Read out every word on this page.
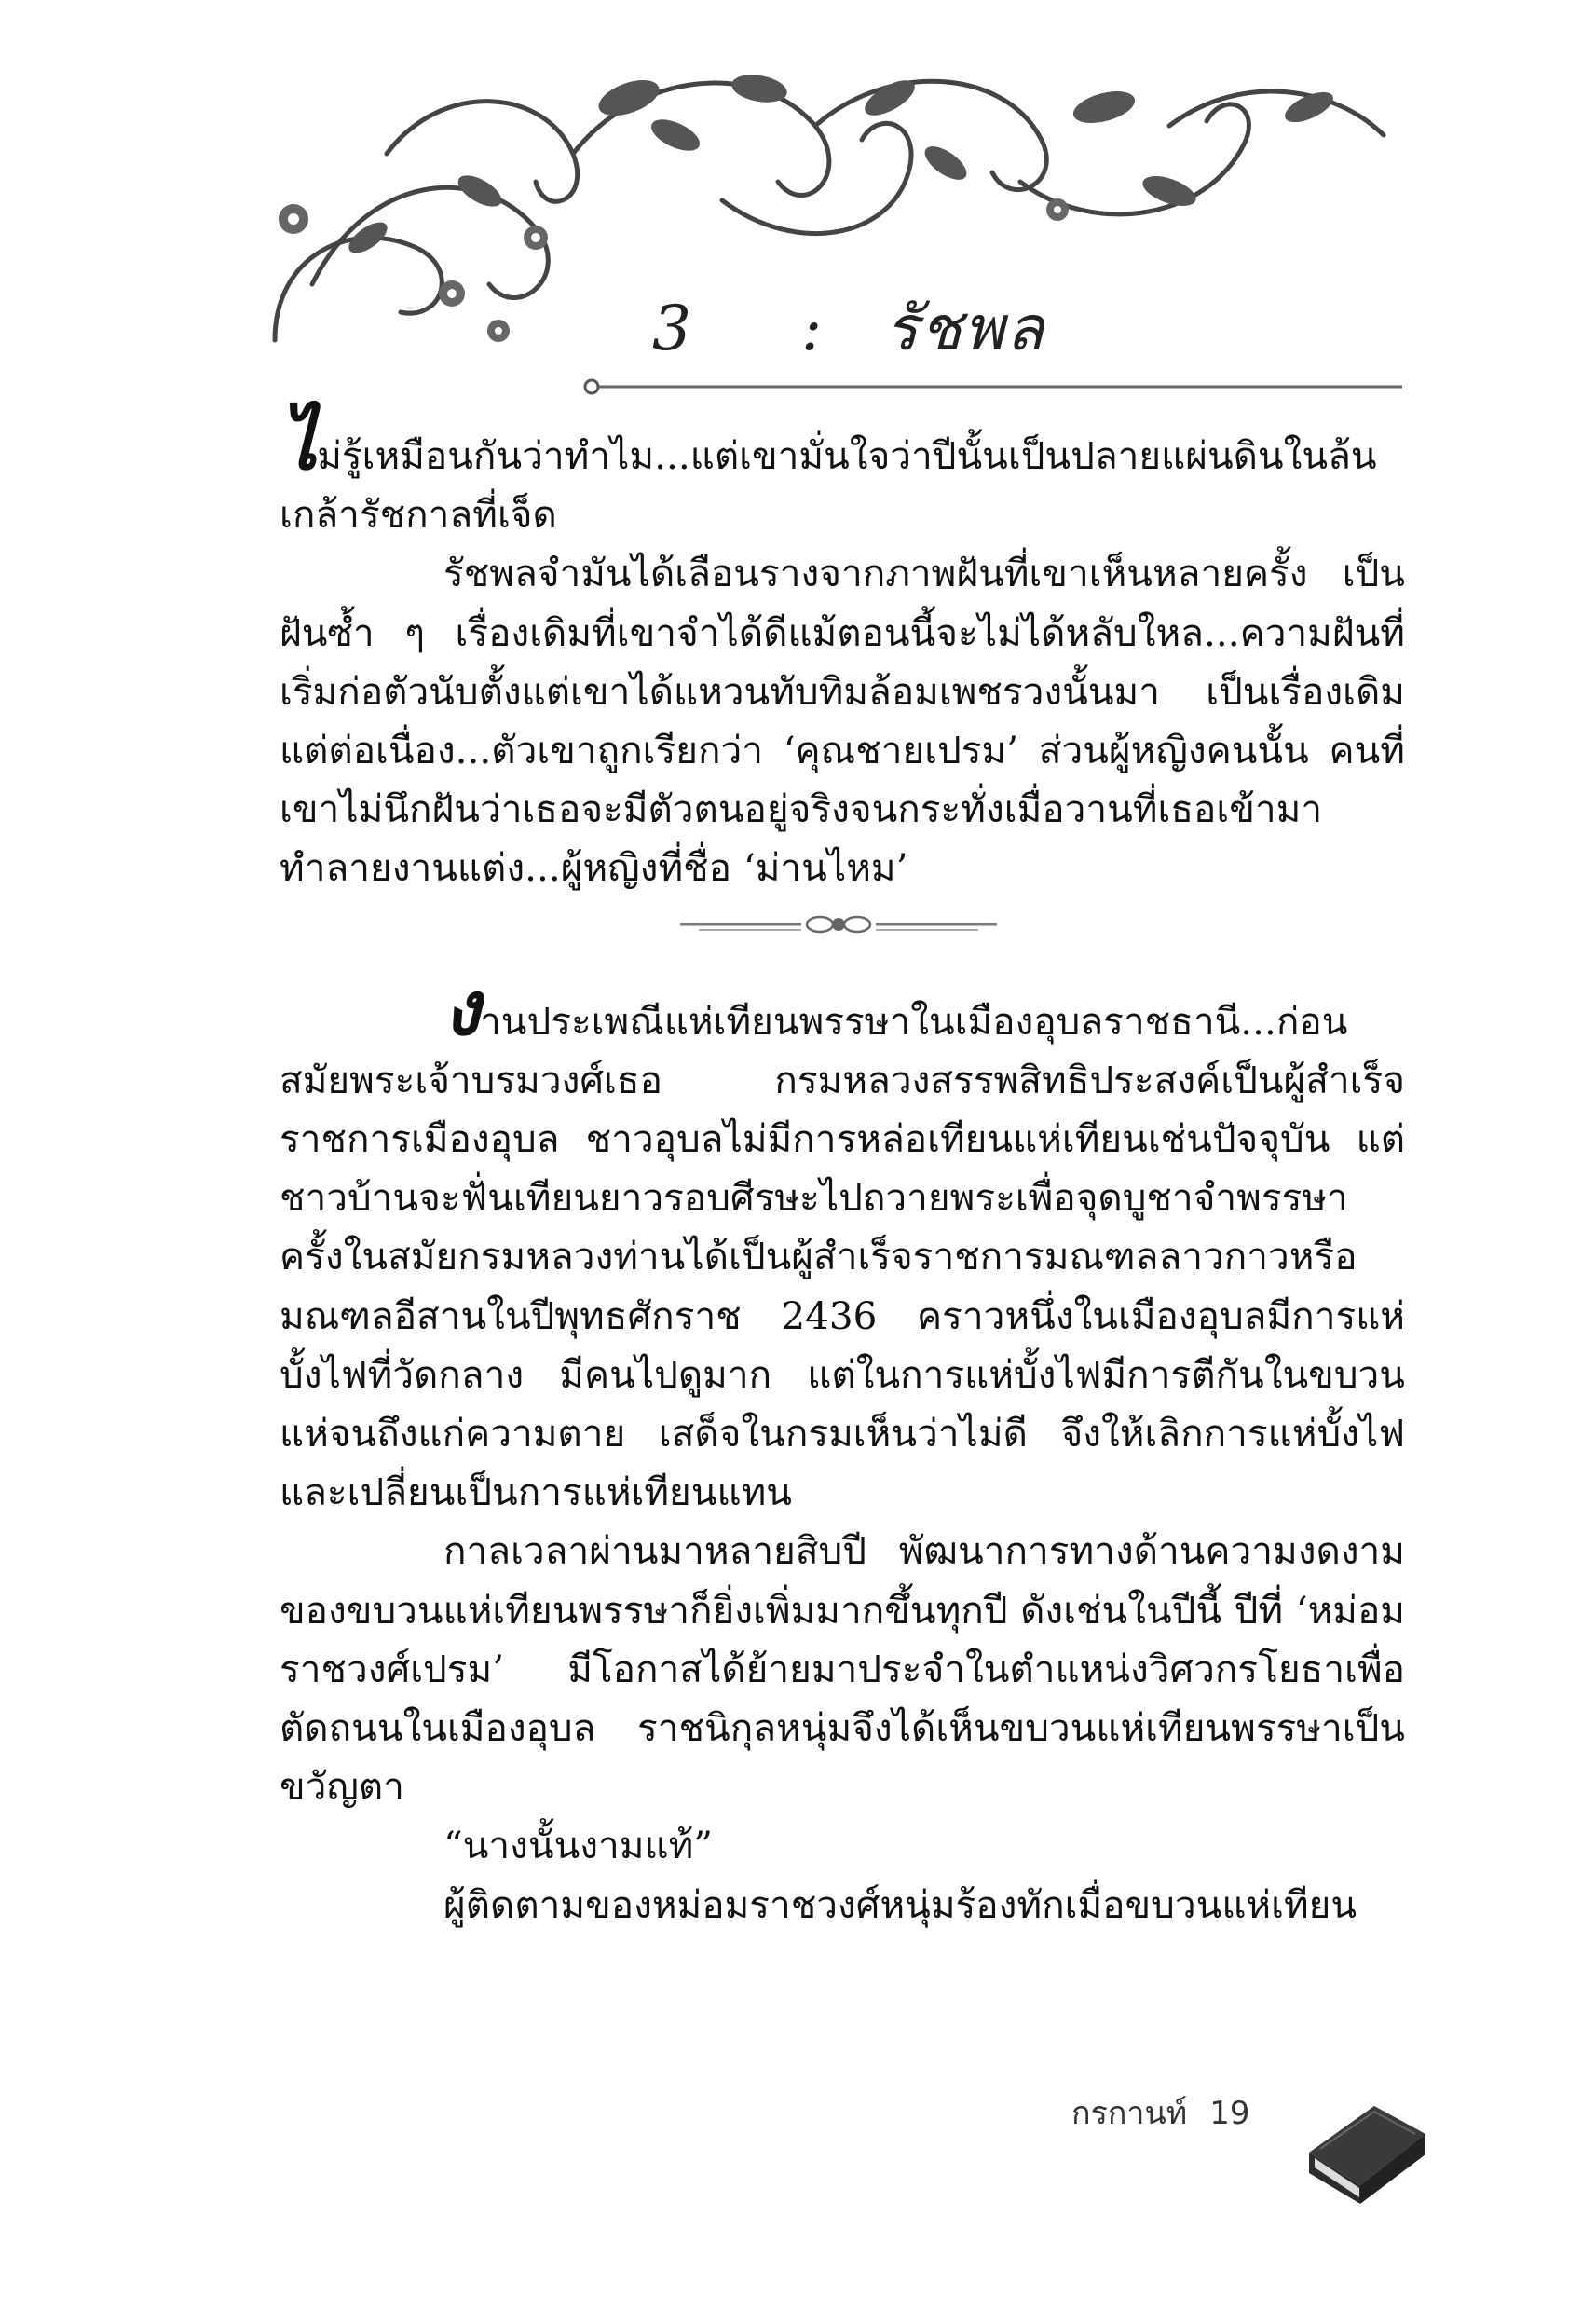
3 : รัชพล

ไม่รู้เหมือนกันว่าทำไม...แต่เขามั่นใจว่าปีนั้นเป็นปลายแผ่นดินในล้นเกล้ารัชกาลที่เจ็ด

รัชพลจำมันได้เลือนรางจากภาพฝันที่เขาเห็นหลายครั้ง เป็นฝันซ้ำ ๆ เรื่องเดิมที่เขาจำได้ดีแม้ตอนนี้จะไม่ได้หลับใหล...ความฝันที่เริ่มก่อตัวนับตั้งแต่เขาได้แหวนทับทิมล้อมเพชรวงนั้นมา เป็นเรื่องเดิมแต่ต่อเนื่อง...ตัวเขาถูกเรียกว่า ‘คุณชายเปรม’ ส่วนผู้หญิงคนนั้น คนที่เขาไม่นึกฝันว่าเธอจะมีตัวตนอยู่จริงจนกระทั่งเมื่อวานที่เธอเข้ามาทำลายงานแต่ง...ผู้หญิงที่ชื่อ ‘ม่านไหม’

งานประเพณีแห่เทียนพรรษาในเมืองอุบลราชธานี...ก่อนสมัยพระเจ้าบรมวงศ์เธอ กรมหลวงสรรพสิทธิประสงค์เป็นผู้สำเร็จราชการเมืองอุบล ชาวอุบลไม่มีการหล่อเทียนแห่เทียนเช่นปัจจุบัน แต่ชาวบ้านจะฟั่นเทียนยาวรอบศีรษะไปถวายพระเพื่อจุดบูชาจำพรรษา ครั้งในสมัยกรมหลวงท่านได้เป็นผู้สำเร็จราชการมณฑลลาวกาวหรือมณฑลอีสานในปีพุทธศักราช 2436 คราวหนึ่งในเมืองอุบลมีการแห่บั้งไฟที่วัดกลาง มีคนไปดูมาก แต่ในการแห่บั้งไฟมีการตีกันในขบวนแห่จนถึงแก่ความตาย เสด็จในกรมเห็นว่าไม่ดี จึงให้เลิกการแห่บั้งไฟและเปลี่ยนเป็นการแห่เทียนแทน

กาลเวลาผ่านมาหลายสิบปี พัฒนาการทางด้านความงดงามของขบวนแห่เทียนพรรษาก็ยิ่งเพิ่มมากขึ้นทุกปี ดังเช่นในปีนี้ ปีที่ ‘หม่อมราชวงศ์เปรม’ มีโอกาสได้ย้ายมาประจำในตำแหน่งวิศวกรโยธาเพื่อตัดถนนในเมืองอุบล ราชนิกุลหนุ่มจึงได้เห็นขบวนแห่เทียนพรรษาเป็นขวัญตา

“นางนั้นงามแท้”

ผู้ติดตามของหม่อมราชวงศ์หนุ่มร้องทักเมื่อขบวนแห่เทียน

กรกานท์ 19
